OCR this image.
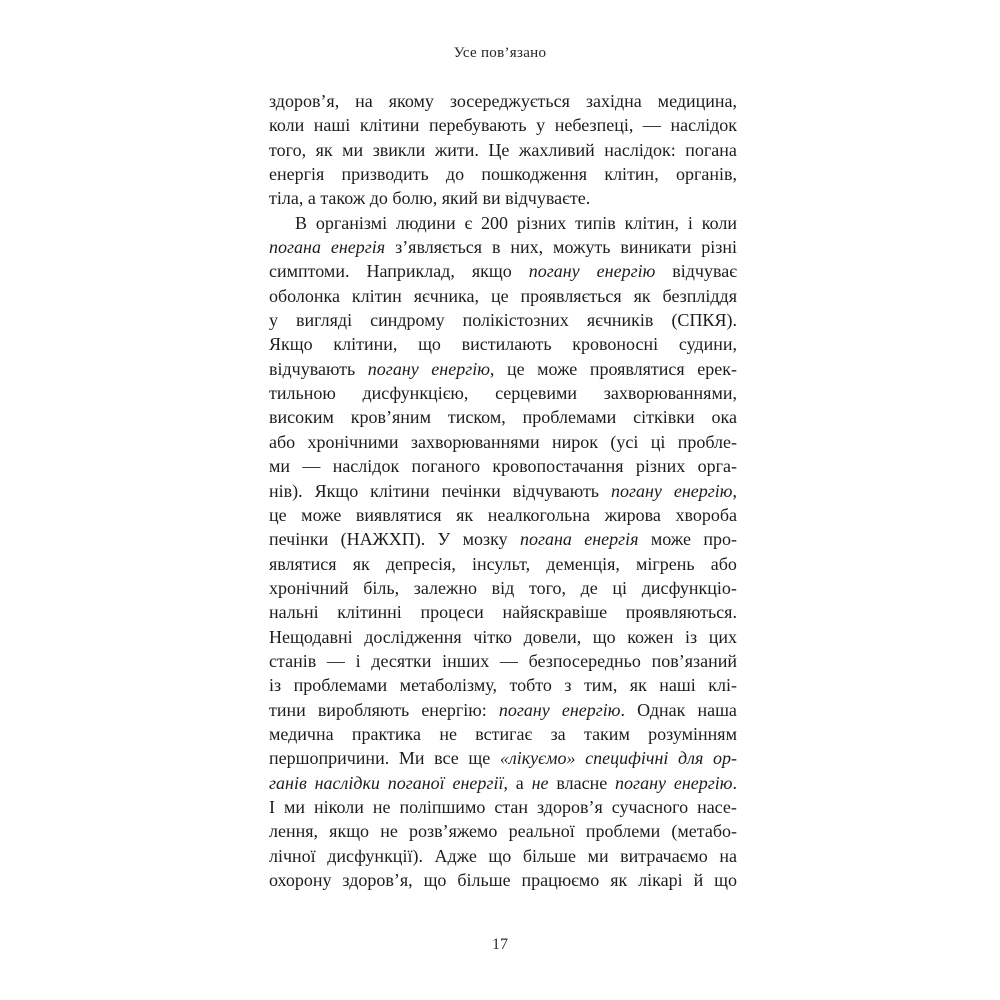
Усе пов’язано
здоров’я, на якому зосереджується західна медицина,
коли наші клітини перебувають у небезпеці, — наслідок
того, як ми звикли жити. Це жахливий наслідок: погана
енергія призводить до пошкодження клітин, органів,
тіла, а також до болю, який ви відчуваєте.
В організмі людини є 200 різних типів клітин, і коли
погана енергія з’являється в них, можуть виникати різні
симптоми. Наприклад, якщо погану енергію відчуває
оболонка клітин яєчника, це проявляється як безпліддя
у вигляді синдрому полікістозних яєчників (СПКЯ).
Якщо клітини, що вистилають кровоносні судини,
відчувають погану енергію, це може проявлятися ерек-
тильною дисфункцією, серцевими захворюваннями,
високим кров’яним тиском, проблемами сітківки ока
або хронічними захворюваннями нирок (усі ці пробле-
ми — наслідок поганого кровопостачання різних орга-
нів). Якщо клітини печінки відчувають погану енергію,
це може виявлятися як неалкогольна жирова хвороба
печінки (НАЖХП). У мозку погана енергія може про-
являтися як депресія, інсульт, деменція, мігрень або
хронічний біль, залежно від того, де ці дисфункціо-
нальні клітинні процеси найяскравіше проявляються.
Нещодавні дослідження чітко довели, що кожен із цих
станів — і десятки інших — безпосередньо пов’язаний
із проблемами метаболізму, тобто з тим, як наші клі-
тини виробляють енергію: погану енергію. Однак наша
медична практика не встигає за таким розумінням
першопричини. Ми все ще «лікуємо» специфічні для ор-
ганів наслідки поганої енергії, а не власне погану енергію.
І ми ніколи не поліпшимо стан здоров’я сучасного насе-
лення, якщо не розв’яжемо реальної проблеми (метабо-
лічної дисфункції). Адже що більше ми витрачаємо на
охорону здоров’я, що більше працюємо як лікарі й що
17
